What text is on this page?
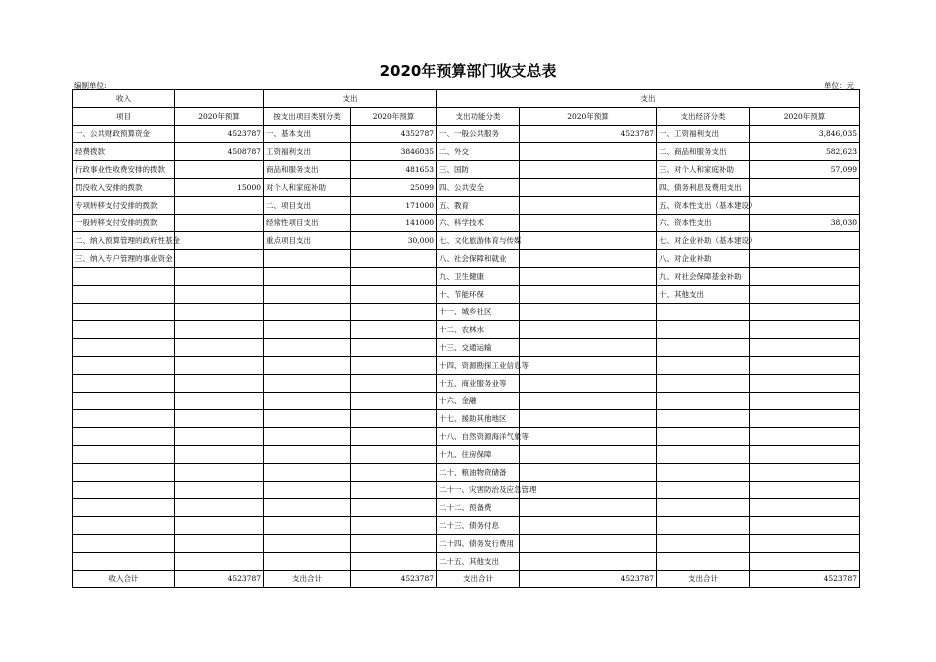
2020年预算部门收支总表
编制单位:	单位：元
收入		支出		支出			
项目	2020年预算	按支出项目类别分类	2020年预算	支出功能分类	2020年预算	支出经济分类	2020年预算
一、公共财政预算资金	4523787	一、基本支出	4352787	一、一般公共服务	4523787	一、工资福利支出	3,846,035
经费拨款	4508787	工资福利支出	3846035	二、外交		二、商品和服务支出	582,623
行政事业性收费安排的拨款		商品和服务支出	481653	三、国防		三、对个人和家庭补助	57,099
罚没收入安排的拨款	15000	对个人和家庭补助	25099	四、公共安全		四、债务利息及费用支出	
专项转移支付安排的拨款		二、项目支出	171000	五、教育		五、资本性支出（基本建设）	
一般转移支付安排的拨款		经常性项目支出	141000	六、科学技术		六、资本性支出	38,030
二、纳入预算管理的政府性基金		重点项目支出	30,000	七、文化旅游体育与传媒		七、对企业补助（基本建设）	
三、纳入专户管理的事业资金				八、社会保障和就业		八、对企业补助	
				九、卫生健康		九、对社会保障基金补助	
				十、节能环保		十、其他支出	
				十一、城乡社区			
				十二、农林水			
				十三、交通运输			
				十四、资源勘探工业信息等			
				十五、商业服务业等			
				十六、金融			
				十七、援助其他地区			
				十八、自然资源海洋气象等			
				十九、住房保障			
				二十、粮油物资储备			
				二十一、灾害防治及应急管理			
				二十二、预备费			
				二十三、债务付息			
				二十四、债务发行费用			
				二十五、其他支出			
收入合计	4523787	支出合计	4523787	支出合计	4523787	支出合计	4523787
